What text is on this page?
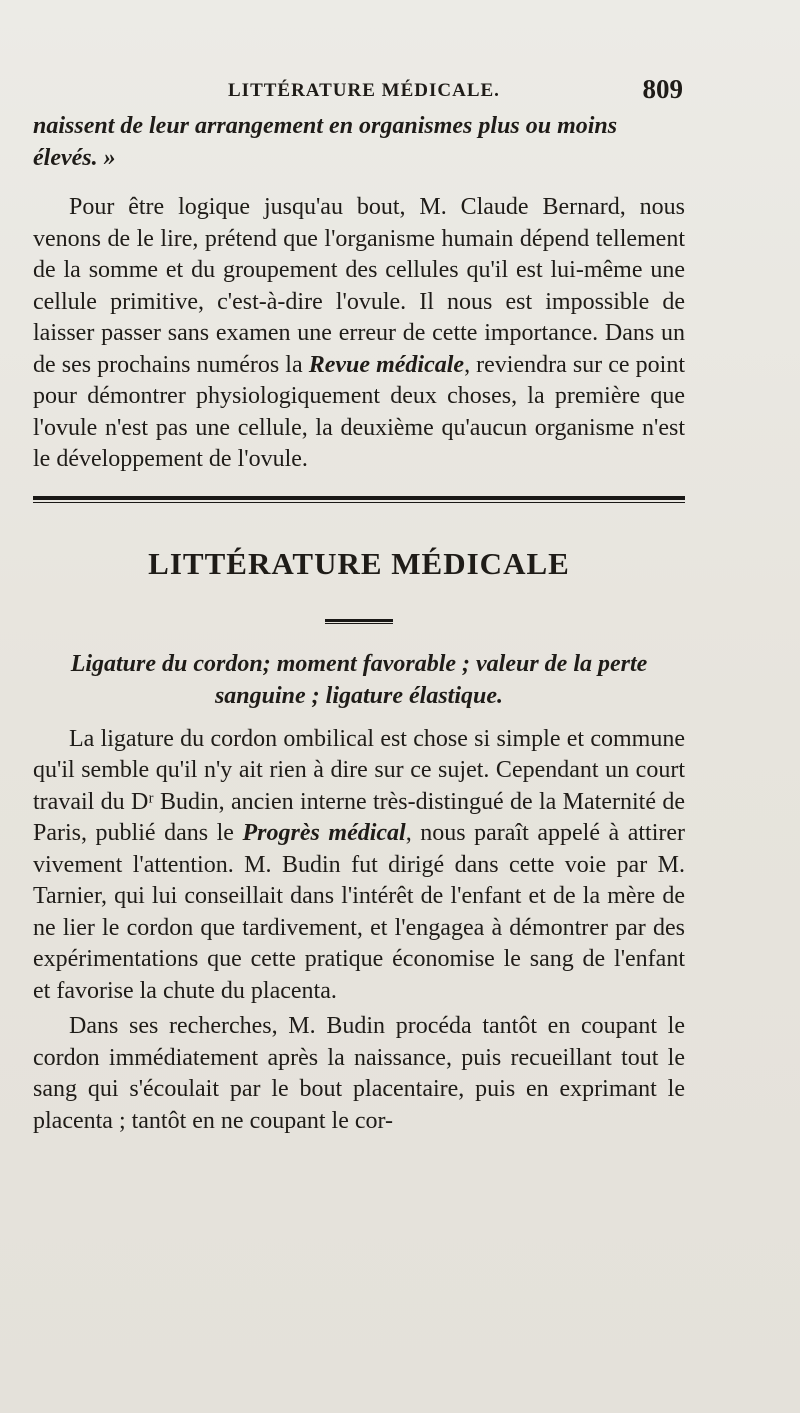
LITTÉRATURE MÉDICALE.	809

naissent de leur arrangement en organismes plus ou moins

élevés. »

Pour être logique jusqu'au bout, M. Claude Bernard, nous venons de le lire, prétend que l'organisme humain dépend tellement de la somme et du groupement des cellules qu'il est lui-même une cellule primitive, c'est-à-dire l'ovule. Il nous est impossible de laisser passer sans examen une erreur de cette importance. Dans un de ses prochains numéros la Revue médicale, reviendra sur ce point pour démontrer physiologiquement deux choses, la première que l'ovule n'est pas une cellule, la deuxième qu'aucun organisme n'est le développement de l'ovule.

LITTÉRATURE MÉDICALE

Ligature du cordon; moment favorable ; valeur de la perte
sanguine ; ligature élastique.

La ligature du cordon ombilical est chose si simple et commune qu'il semble qu'il n'y ait rien à dire sur ce sujet. Cependant un court travail du Dʳ Budin, ancien interne très-distingué de la Maternité de Paris, publié dans le Progrès médical, nous paraît appelé à attirer vivement l'attention. M. Budin fut dirigé dans cette voie par M. Tarnier, qui lui conseillait dans l'intérêt de l'enfant et de la mère de ne lier le cordon que tardivement, et l'engagea à démontrer par des expérimentations que cette pratique économise le sang de l'enfant et favorise la chute du placenta.

Dans ses recherches, M. Budin procéda tantôt en coupant le cordon immédiatement après la naissance, puis recueillant tout le sang qui s'écoulait par le bout placentaire, puis en exprimant le placenta ; tantôt en ne coupant le cor-
